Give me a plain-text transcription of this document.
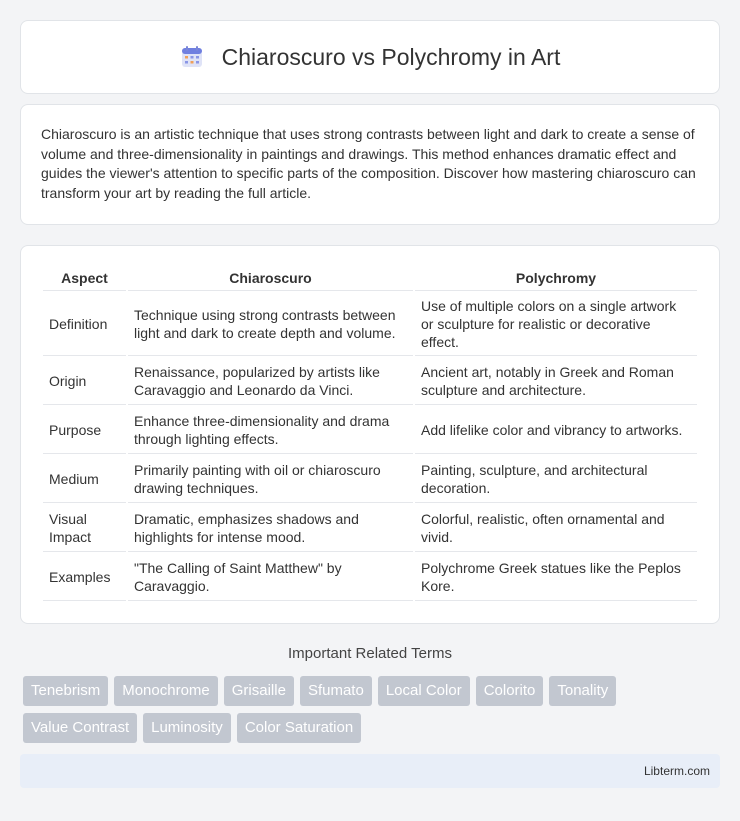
Chiaroscuro vs Polychromy in Art

Chiaroscuro is an artistic technique that uses strong contrasts between light and dark to create a sense of volume and three-dimensionality in paintings and drawings. This method enhances dramatic effect and guides the viewer's attention to specific parts of the composition. Discover how mastering chiaroscuro can transform your art by reading the full article.

Aspect	Chiaroscuro	Polychromy
Definition	Technique using strong contrasts between light and dark to create depth and volume.	Use of multiple colors on a single artwork or sculpture for realistic or decorative effect.
Origin	Renaissance, popularized by artists like Caravaggio and Leonardo da Vinci.	Ancient art, notably in Greek and Roman sculpture and architecture.
Purpose	Enhance three-dimensionality and drama through lighting effects.	Add lifelike color and vibrancy to artworks.
Medium	Primarily painting with oil or chiaroscuro drawing techniques.	Painting, sculpture, and architectural decoration.
Visual Impact	Dramatic, emphasizes shadows and highlights for intense mood.	Colorful, realistic, often ornamental and vivid.
Examples	"The Calling of Saint Matthew" by Caravaggio.	Polychrome Greek statues like the Peplos Kore.
Important Related Terms
Tenebrism	Monochrome	Grisaille	Sfumato	Local Color	Colorito	Tonality
Value Contrast	Luminosity	Color Saturation
Libterm.com
